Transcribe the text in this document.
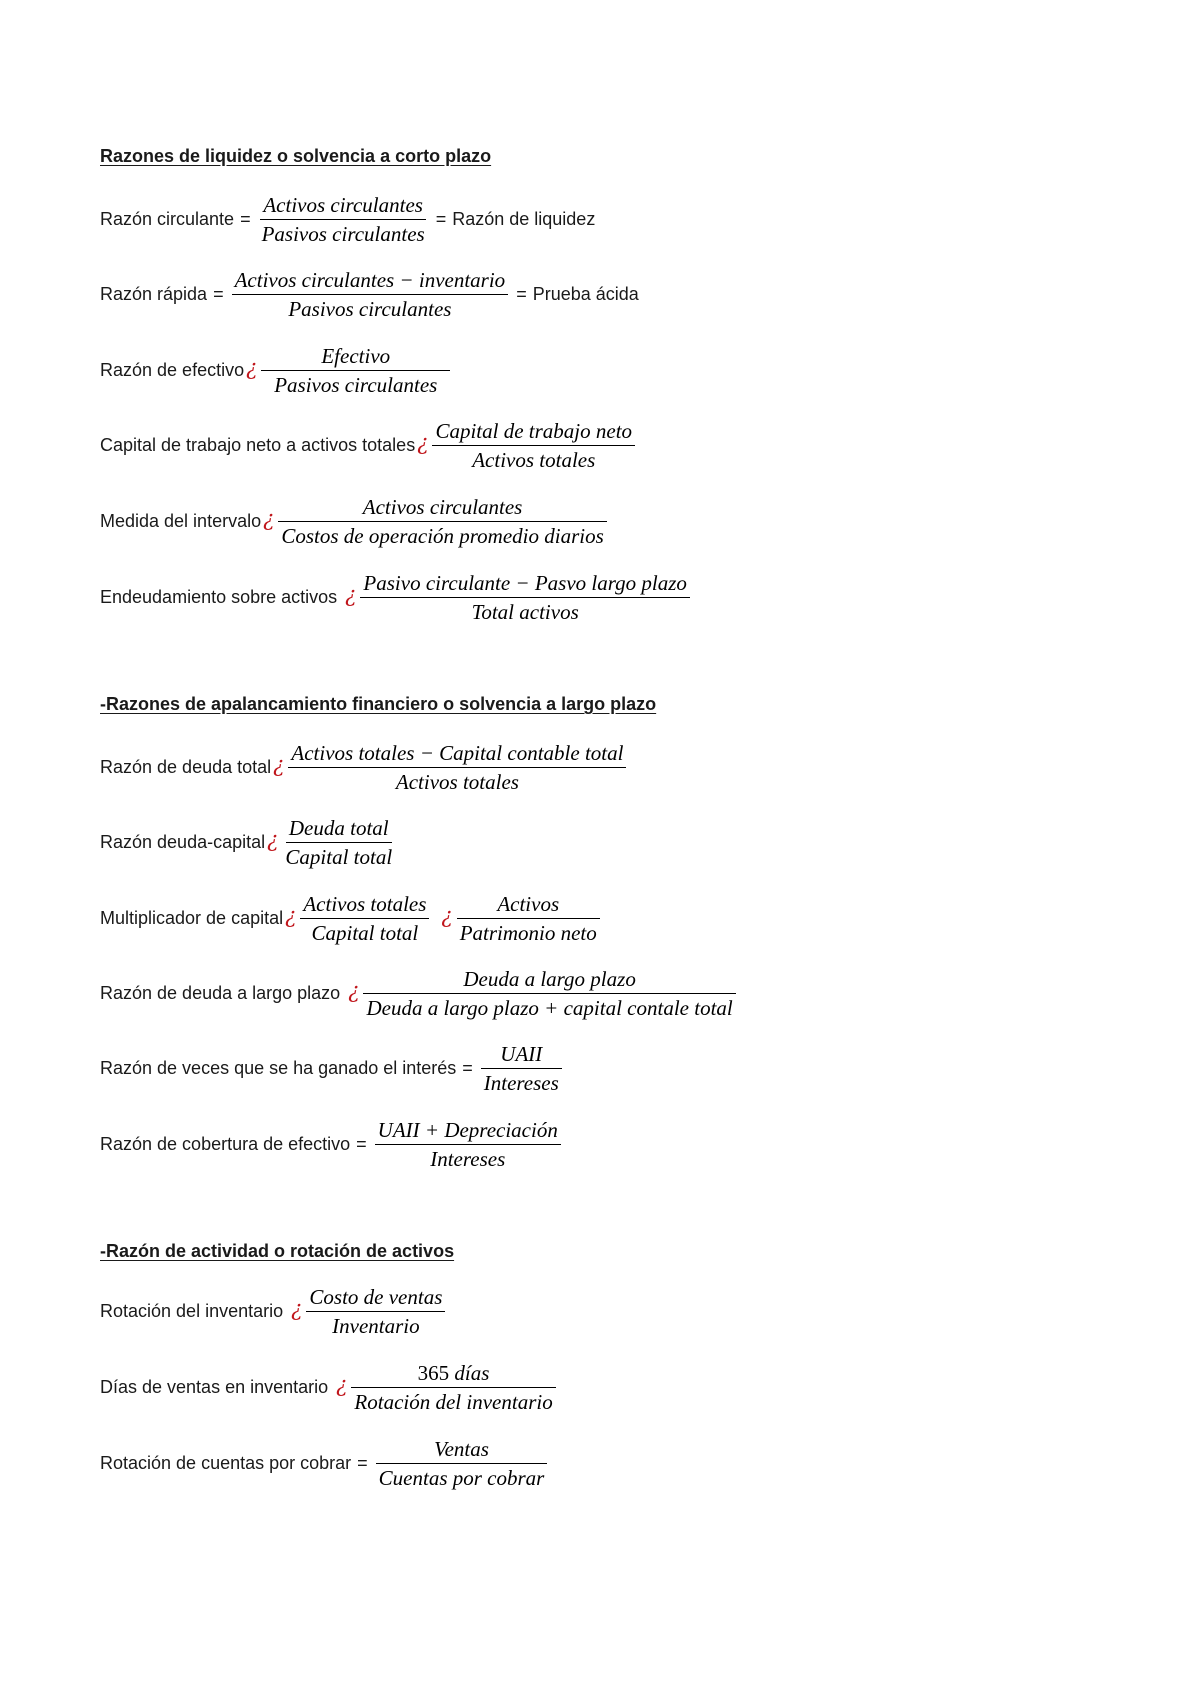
Razones de liquidez o solvencia a corto plazo
Razón circulante = $\frac{\text{Activos circulantes}}{\text{Pasivos circulantes}}$ = Razón de liquidez
Razón rápida = $\frac{\text{Activos circulantes − inventario}}{\text{Pasivos circulantes}}$ = Prueba ácida
Razón de efectivo ¿ $\frac{\text{Efectivo}}{\text{Pasivos circulantes}}$
Capital de trabajo neto a activos totales ¿ $\frac{\text{Capital de trabajo neto}}{\text{Activos totales}}$
Medida del intervalo ¿ $\frac{\text{Activos circulantes}}{\text{Costos de operación promedio diarios}}$
Endeudamiento sobre activos ¿ $\frac{\text{Pasivo circulante − Pasvo largo plazo}}{\text{Total activos}}$
-Razones de apalancamiento financiero o solvencia a largo plazo
Razón de deuda total ¿ $\frac{\text{Activos totales − Capital contable total}}{\text{Activos totales}}$
Razón deuda-capital ¿ $\frac{\text{Deuda total}}{\text{Capital total}}$
Multiplicador de capital ¿ $\frac{\text{Activos totales}}{\text{Capital total}}$ ¿ $\frac{\text{Activos}}{\text{Patrimonio neto}}$
Razón de deuda a largo plazo ¿ $\frac{\text{Deuda a largo plazo}}{\text{Deuda a largo plazo + capital contale total}}$
Razón de veces que se ha ganado el interés = $\frac{\text{UAII}}{\text{Intereses}}$
Razón de cobertura de efectivo = $\frac{\text{UAII + Depreciación}}{\text{Intereses}}$
-Razón de actividad o rotación de activos
Rotación del inventario ¿ $\frac{\text{Costo de ventas}}{\text{Inventario}}$
Días de ventas en inventario ¿ $\frac{\text{365 días}}{\text{Rotación del inventario}}$
Rotación de cuentas por cobrar = $\frac{\text{Ventas}}{\text{Cuentas por cobrar}}$
